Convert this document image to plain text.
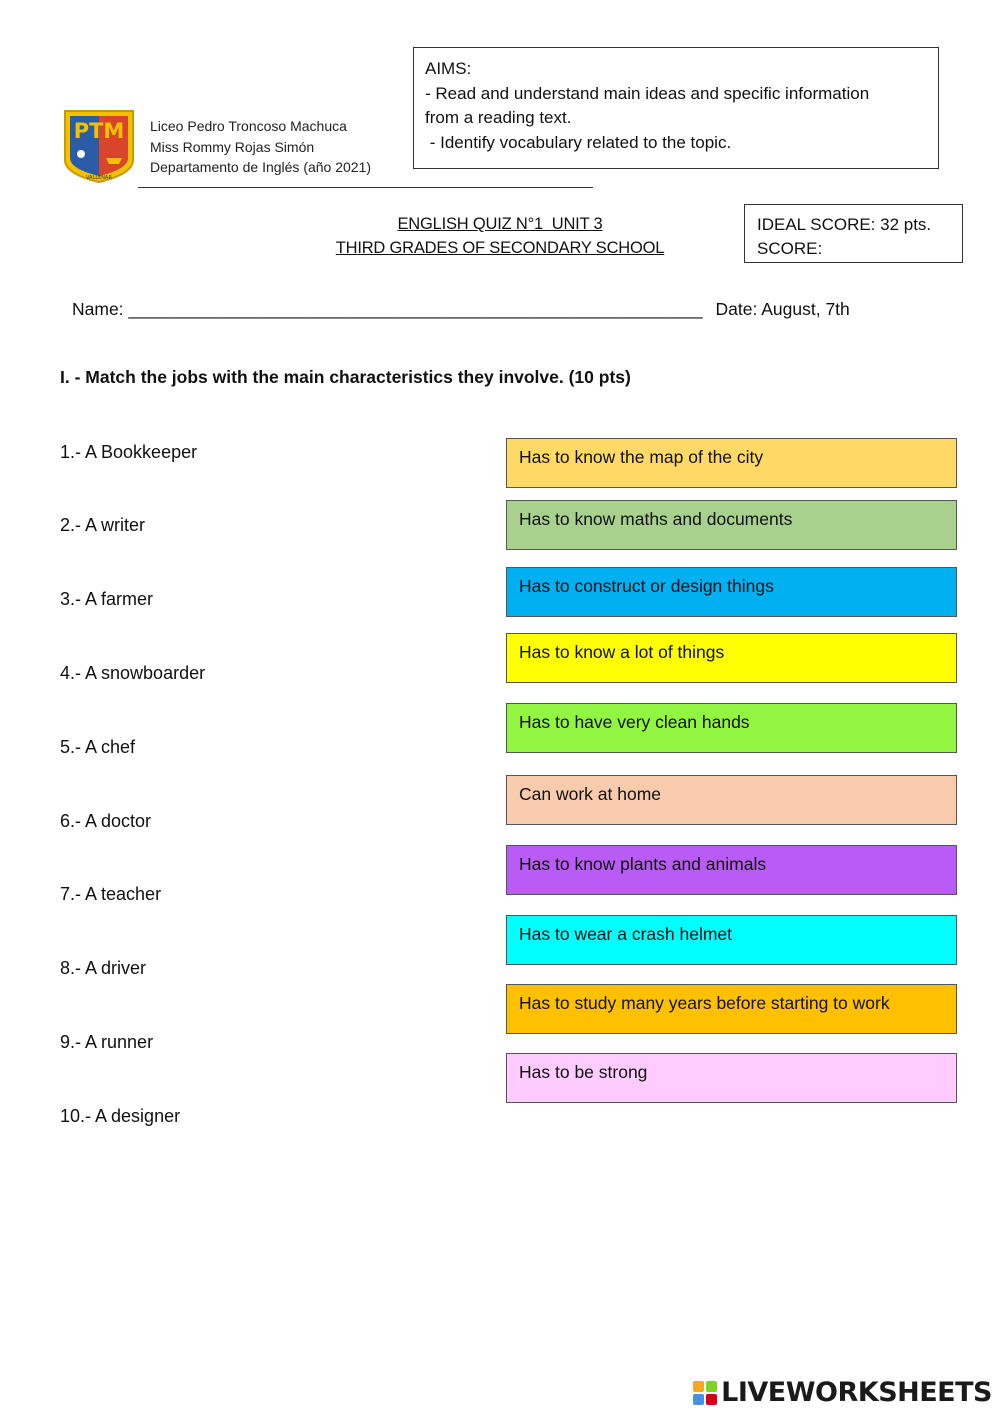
PTM
VALLENAR
Liceo Pedro Troncoso Machuca
Miss Rommy Rojas Simón
Departamento de Inglés (año 2021)
AIMS:
- Read and understand main ideas and specific information
from a reading text.
- Identify vocabulary related to the topic.
ENGLISH QUIZ N°1  UNIT 3
THIRD GRADES OF SECONDARY SCHOOL
IDEAL SCORE: 32 pts.
SCORE:
Name: ___________________________________________________________ Date: August, 7th
I. - Match the jobs with the main characteristics they involve. (10 pts)
1.- A Bookkeeper
2.- A writer
3.- A farmer
4.- A snowboarder
5.- A chef
6.- A doctor
7.- A teacher
8.- A driver
9.- A runner
10.- A designer
Has to know the map of the city
Has to know maths and documents
Has to construct or design things
Has to know a lot of things
Has to have very clean hands
Can work at home
Has to know plants and animals
Has to wear a crash helmet
Has to study many years before starting to work
Has to be strong
LIVEWORKSHEETS
